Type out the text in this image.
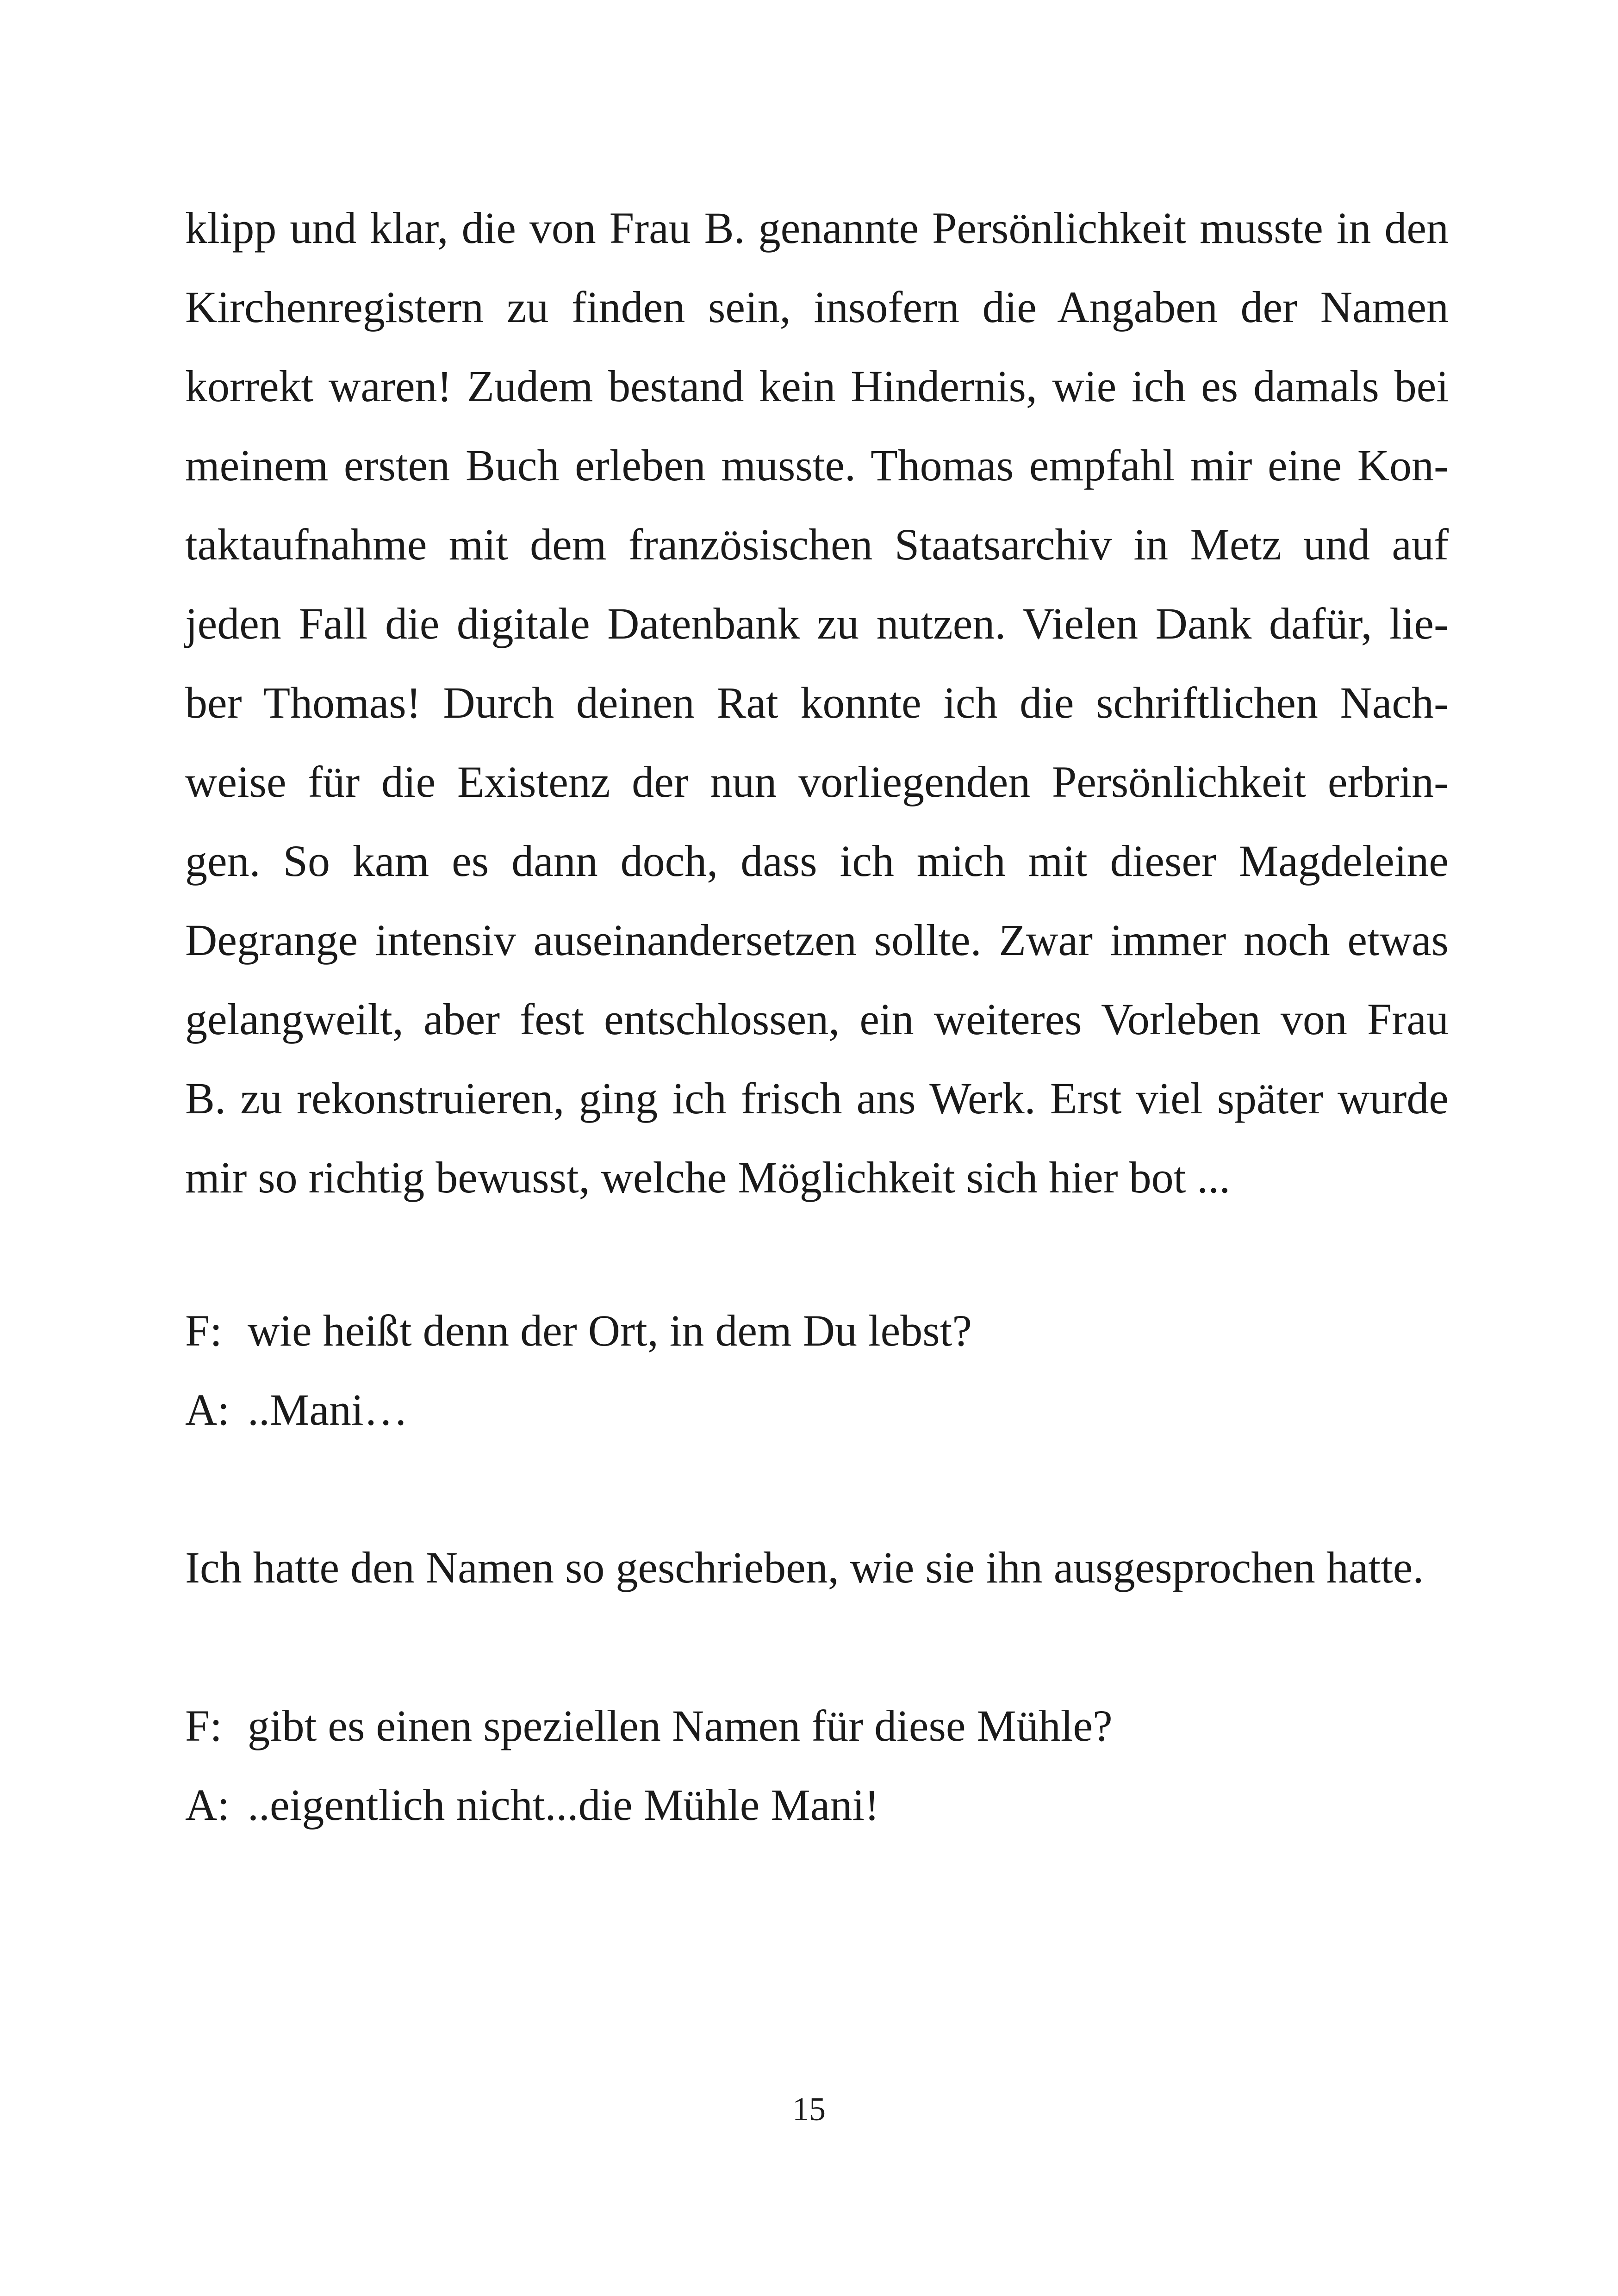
klipp und klar, die von Frau B. genannte Persönlichkeit musste in den
Kirchenregistern zu finden sein, insofern die Angaben der Namen
korrekt waren! Zudem bestand kein Hindernis, wie ich es damals bei
meinem ersten Buch erleben musste. Thomas empfahl mir eine Kon-
taktaufnahme mit dem französischen Staatsarchiv in Metz und auf
jeden Fall die digitale Datenbank zu nutzen. Vielen Dank dafür, lie-
ber Thomas! Durch deinen Rat konnte ich die schriftlichen Nach-
weise für die Existenz der nun vorliegenden Persönlichkeit erbrin-
gen. So kam es dann doch, dass ich mich mit dieser Magdeleine
Degrange intensiv auseinandersetzen sollte. Zwar immer noch etwas
gelangweilt, aber fest entschlossen, ein weiteres Vorleben von Frau
B. zu rekonstruieren, ging ich frisch ans Werk. Erst viel später wurde
mir so richtig bewusst, welche Möglichkeit sich hier bot ...
F: wie heißt denn der Ort, in dem Du lebst?
A: ..Mani…
Ich hatte den Namen so geschrieben, wie sie ihn ausgesprochen hatte.
F: gibt es einen speziellen Namen für diese Mühle?
A: ..eigentlich nicht...die Mühle Mani!
15
